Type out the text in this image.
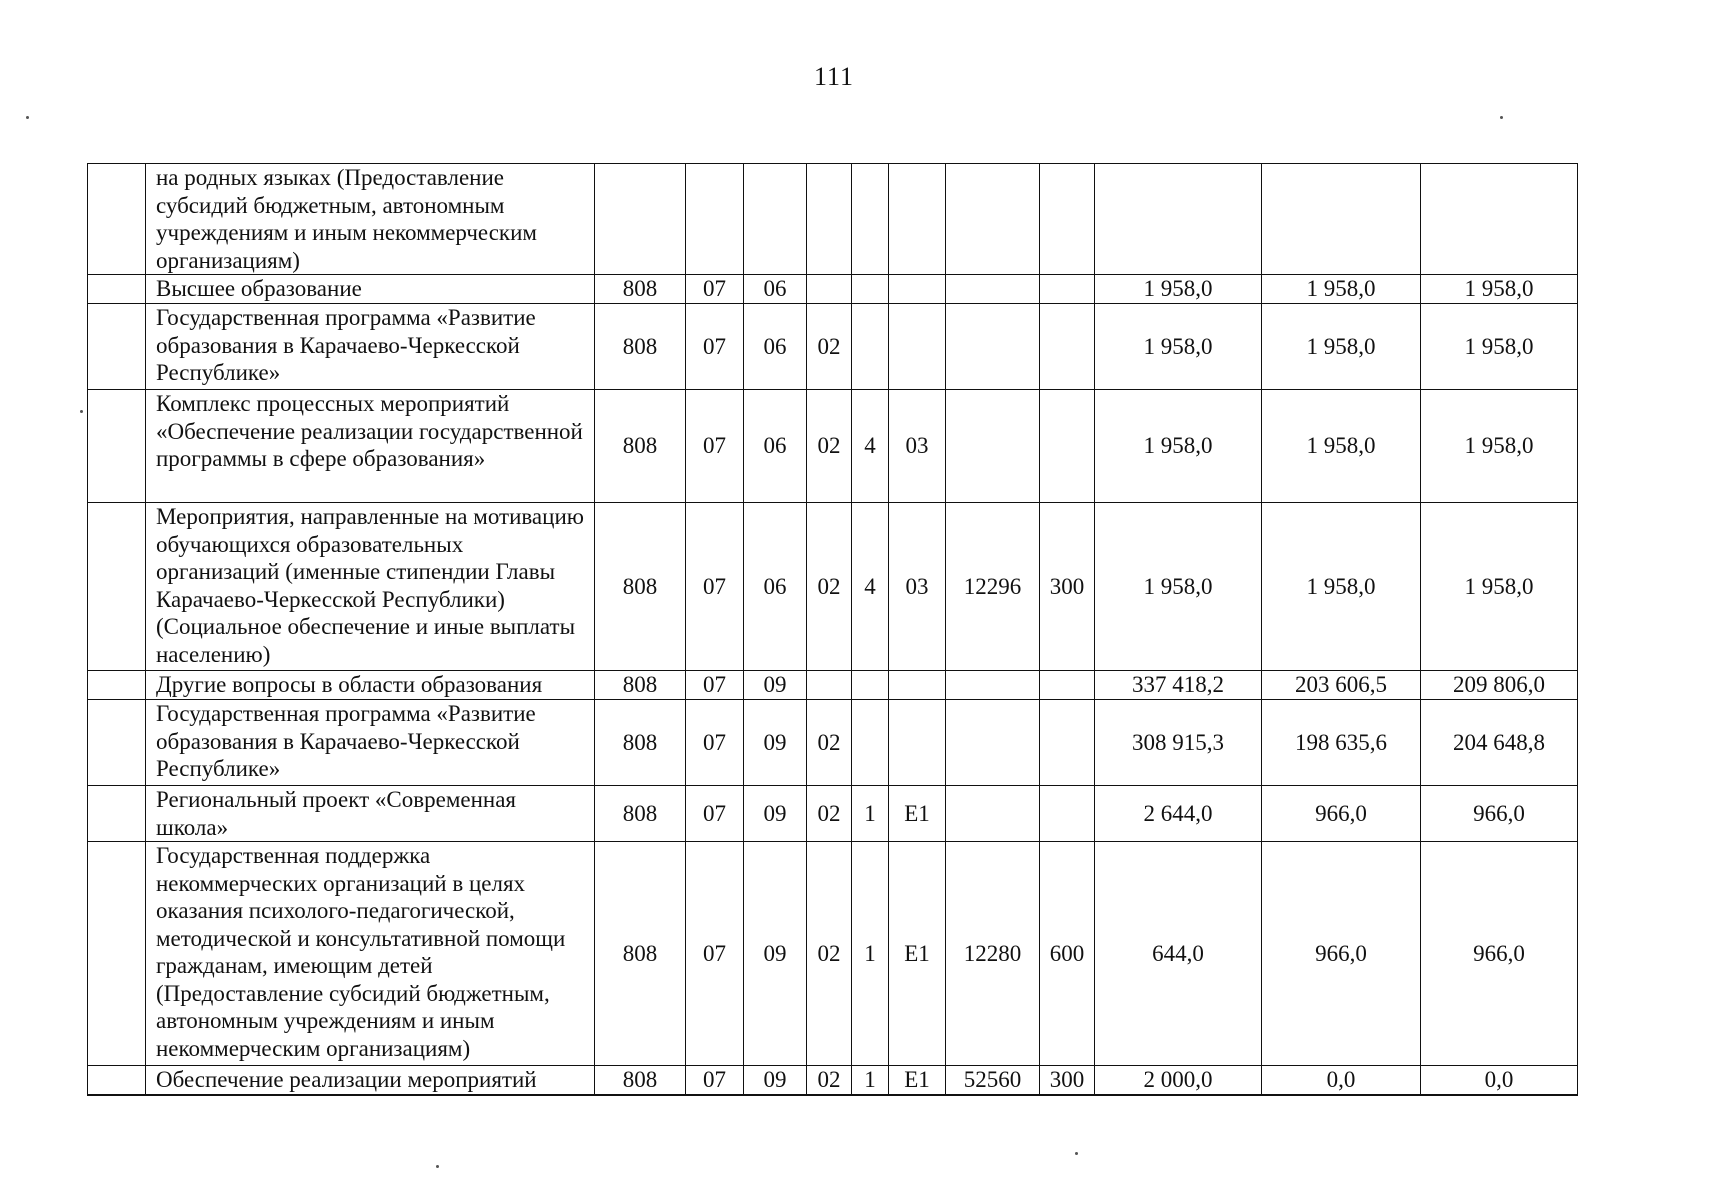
111
	на родных языках (Предоставление субсидий бюджетным, автономным учреждениям и иным некоммерческим организациям)											
	Высшее образование	808	07	06						1 958,0	1 958,0	1 958,0
	Государственная программа «Развитие образования в Карачаево-Черкесской Республике»	808	07	06	02					1 958,0	1 958,0	1 958,0
	Комплекс процессных мероприятий «Обеспечение реализации государственной программы в сфере образования»	808	07	06	02	4	03			1 958,0	1 958,0	1 958,0
	Мероприятия, направленные на мотивацию обучающихся образовательных организаций (именные стипендии Главы Карачаево-Черкесской Республики) (Социальное обеспечение и иные выплаты населению)	808	07	06	02	4	03	12296	300	1 958,0	1 958,0	1 958,0
	Другие вопросы в области образования	808	07	09						337 418,2	203 606,5	209 806,0
	Государственная программа «Развитие образования в Карачаево-Черкесской Республике»	808	07	09	02					308 915,3	198 635,6	204 648,8
	Региональный проект «Современная школа»	808	07	09	02	1	E1			2 644,0	966,0	966,0
	Государственная поддержка некоммерческих организаций в целях оказания психолого-педагогической, методической и консультативной помощи гражданам, имеющим детей (Предоставление субсидий бюджетным, автономным учреждениям и иным некоммерческим организациям)	808	07	09	02	1	E1	12280	600	644,0	966,0	966,0
	Обеспечение реализации мероприятий	808	07	09	02	1	E1	52560	300	2 000,0	0,0	0,0
